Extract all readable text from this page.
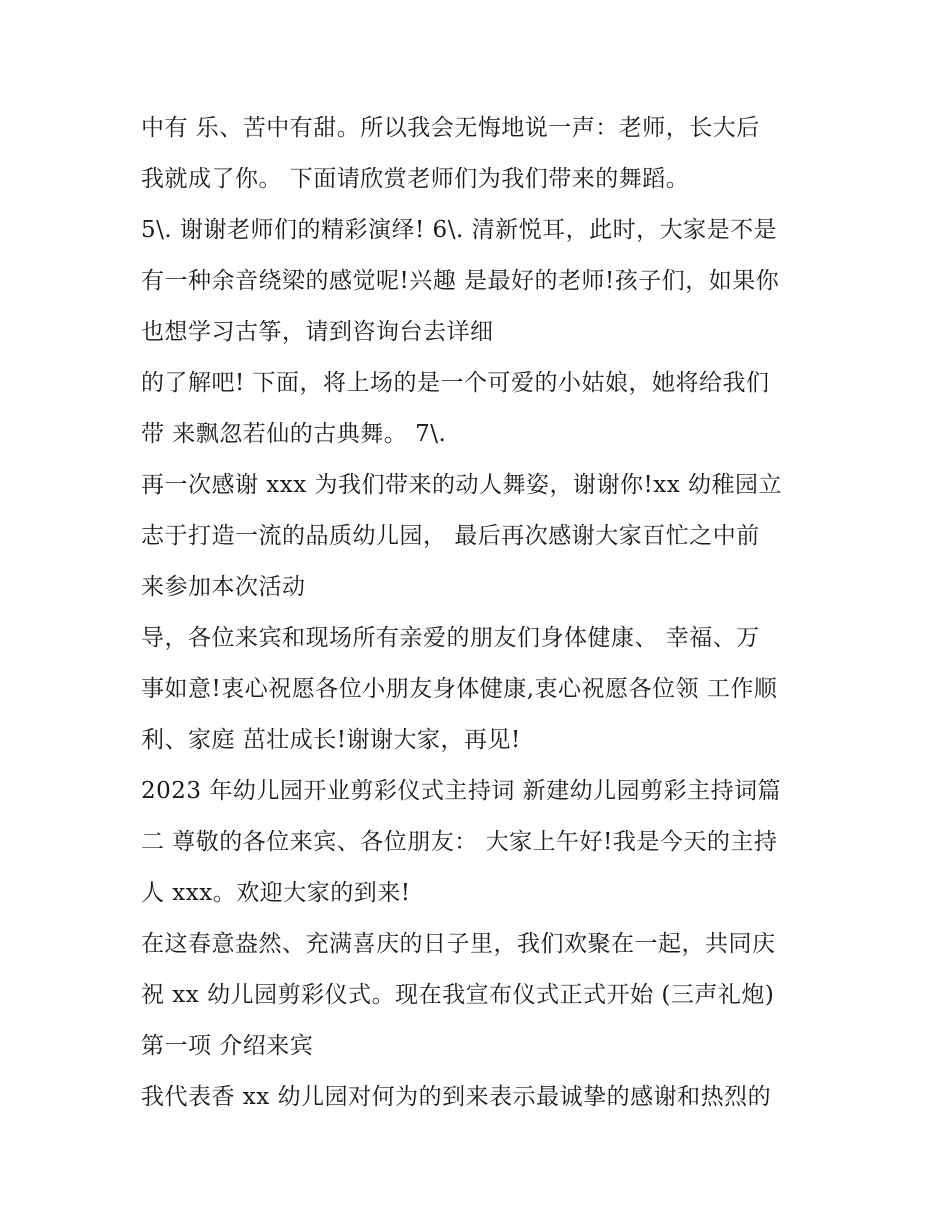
中有 乐、苦中有甜。所以我会无悔地说一声：老师，长大后
我就成了你。 下面请欣赏老师们为我们带来的舞蹈。
5\. 谢谢老师们的精彩演绎! 6\. 清新悦耳，此时，大家是不是
有一种余音绕梁的感觉呢!兴趣 是最好的老师!孩子们，如果你
也想学习古筝，请到咨询台去详细
的了解吧! 下面，将上场的是一个可爱的小姑娘，她将给我们
带 来飘忽若仙的古典舞。 7\.
再一次感谢 xxx 为我们带来的动人舞姿，谢谢你!xx 幼稚园立
志于打造一流的品质幼儿园， 最后再次感谢大家百忙之中前
来参加本次活动
导，各位来宾和现场所有亲爱的朋友们身体健康、 幸福、万
事如意!衷心祝愿各位小朋友身体健康,衷心祝愿各位领 工作顺
利、家庭 茁壮成长!谢谢大家，再见!
2023 年幼儿园开业剪彩仪式主持词 新建幼儿园剪彩主持词篇
二 尊敬的各位来宾、各位朋友： 大家上午好!我是今天的主持
人 xxx。欢迎大家的到来!
在这春意盎然、充满喜庆的日子里，我们欢聚在一起，共同庆
祝 xx 幼儿园剪彩仪式。现在我宣布仪式正式开始 (三声礼炮)
第一项 介绍来宾
我代表香 xx 幼儿园对何为的到来表示最诚挚的感谢和热烈的
